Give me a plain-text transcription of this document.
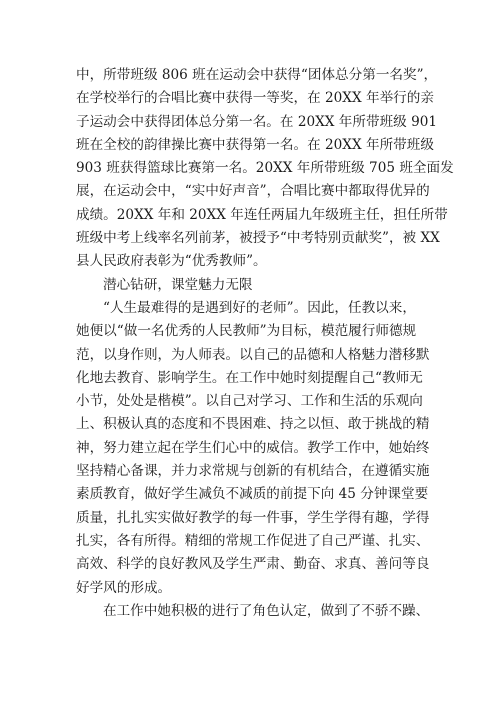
中，所带班级 806 班在运动会中获得“团体总分第一名奖”，
在学校举行的合唱比赛中获得一等奖，在 20XX 年举行的亲
子运动会中获得团体总分第一名。在 20XX 年所带班级 901
班在全校的韵律操比赛中获得第一名。在 20XX 年所带班级
903 班获得篮球比赛第一名。20XX 年所带班级 705 班全面发
展，在运动会中，“实中好声音”，合唱比赛中都取得优异的
成绩。20XX 年和 20XX 年连任两届九年级班主任，担任所带
班级中考上线率名列前茅，被授予“中考特别贡献奖”，被 XX
县人民政府表彰为“优秀教师”。
潜心钻研，课堂魅力无限
“人生最难得的是遇到好的老师”。因此，任教以来，
她便以“做一名优秀的人民教师”为目标，模范履行师德规
范，以身作则，为人师表。以自己的品德和人格魅力潜移默
化地去教育、影响学生。在工作中她时刻提醒自己“教师无
小节，处处是楷模”。以自己对学习、工作和生活的乐观向
上、积极认真的态度和不畏困难、持之以恒、敢于挑战的精
神，努力建立起在学生们心中的威信。教学工作中，她始终
坚持精心备课，并力求常规与创新的有机结合，在遵循实施
素质教育，做好学生减负不减质的前提下向 45 分钟课堂要
质量，扎扎实实做好教学的每一件事，学生学得有趣，学得
扎实，各有所得。精细的常规工作促进了自己严谨、扎实、
高效、科学的良好教风及学生严肃、勤奋、求真、善问等良
好学风的形成。
在工作中她积极的进行了角色认定，做到了不骄不躁、
